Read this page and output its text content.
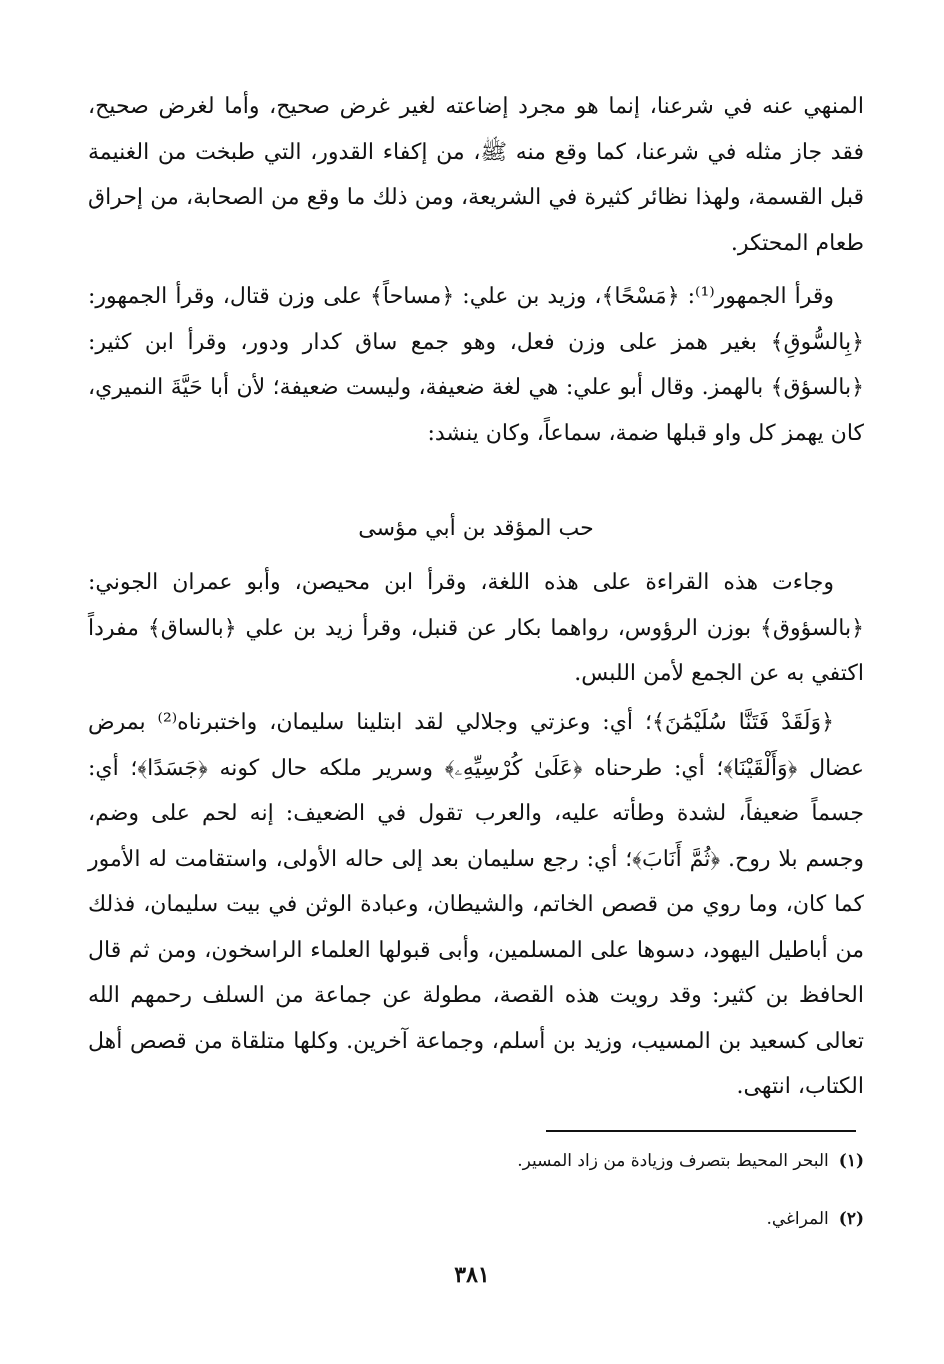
المنهي عنه في شرعنا، إنما هو مجرد إضاعته لغير غرض صحيح، وأما لغرض صحيح، فقد جاز مثله في شرعنا، كما وقع منه ﷺ، من إكفاء القدور، التي طبخت من الغنيمة قبل القسمة، ولهذا نظائر كثيرة في الشريعة، ومن ذلك ما وقع من الصحابة، من إحراق طعام المحتكر.

وقرأ الجمهور⁽¹⁾: ﴿مَسْحًا﴾، وزيد بن علي: ﴿مساحاً﴾ على وزن قتال، وقرأ الجمهور: ﴿بِالسُّوقِ﴾ بغير همز على وزن فعل، وهو جمع ساق كدار ودور، وقرأ ابن كثير: ﴿بالسؤق﴾ بالهمز. وقال أبو علي: هي لغة ضعيفة، وليست ضعيفة؛ لأن أبا حَيَّةَ النميري، كان يهمز كل واو قبلها ضمة، سماعاً، وكان ينشد:

حب المؤقد بن أبي مؤسى

وجاءت هذه القراءة على هذه اللغة، وقرأ ابن محيصن، وأبو عمران الجوني: ﴿بالسؤوق﴾ بوزن الرؤوس، رواهما بكار عن قنبل، وقرأ زيد بن علي ﴿بالساق﴾ مفرداً اكتفي به عن الجمع لأمن اللبس.

﴿وَلَقَدْ فَتَنَّا سُلَيْمَٰنَ﴾؛ أي: وعزتي وجلالي لقد ابتلينا سليمان، واختبرناه⁽²⁾ بمرض عضال ﴿وَأَلْقَيْنَا﴾؛ أي: طرحناه ﴿عَلَىٰ كُرْسِيِّهِۦ﴾ وسرير ملكه حال كونه ﴿جَسَدًا﴾؛ أي: جسماً ضعيفاً، لشدة وطأته عليه، والعرب تقول في الضعيف: إنه لحم على وضم، وجسم بلا روح. ﴿ثُمَّ أَنَابَ﴾؛ أي: رجع سليمان بعد إلى حاله الأولى، واستقامت له الأمور كما كان، وما روي من قصص الخاتم، والشيطان، وعبادة الوثن في بيت سليمان، فذلك من أباطيل اليهود، دسوها على المسلمين، وأبى قبولها العلماء الراسخون، ومن ثم قال الحافظ بن كثير: وقد رويت هذه القصة، مطولة عن جماعة من السلف رحمهم الله تعالى كسعيد بن المسيب، وزيد بن أسلم، وجماعة آخرين. وكلها متلقاة من قصص أهل الكتاب، انتهى.

(١)البحر المحيط بتصرف وزيادة من زاد المسير.
(٢)المراغي.
٣٨١
